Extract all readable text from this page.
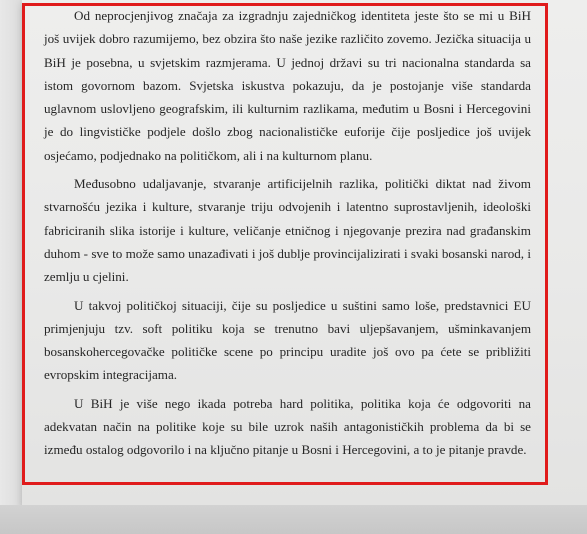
Od neprocjenjivog značaja za izgradnju zajedničkog identiteta jeste što se mi u BiH još uvijek dobro razumijemo, bez obzira što naše jezike različito zovemo. Jezička situacija u BiH je posebna, u svjetskim razmjerama. U jednoj državi su tri nacionalna standarda sa istom govornom bazom. Svjetska iskustva pokazuju, da je postojanje više standarda uglavnom uslovljeno geografskim, ili kulturnim razlikama, međutim u Bosni i Hercegovini je do lingvističke podjele došlo zbog nacionalističke euforije čije posljedice još uvijek osjećamo, podjednako na političkom, ali i na kulturnom planu.

Međusobno udaljavanje, stvaranje artificijelnih razlika, politički diktat nad živom stvarnošću jezika i kulture, stvaranje triju odvojenih i latentno suprostavljenih, ideološki fabriciranih slika istorije i kulture, veličanje etničnog i njegovanje prezira nad građanskim duhom - sve to može samo unazađivati i još dublje provincijalizirati i svaki bosanski narod, i zemlju u cjelini.

U takvoj političkoj situaciji, čije su posljedice u suštini samo loše, predstavnici EU primjenjuju tzv. soft politiku koja se trenutno bavi uljepšavanjem, ušminkavanjem bosanskohercegovačke političke scene po principu uradite još ovo pa ćete se približiti evropskim integracijama.

U BiH je više nego ikada potreba hard politika, politika koja će odgovoriti na adekvatan način na politike koje su bile uzrok naših antagonističkih problema da bi se između ostalog odgovorilo i na ključno pitanje u Bosni i Hercegovini, a to je pitanje pravde.
